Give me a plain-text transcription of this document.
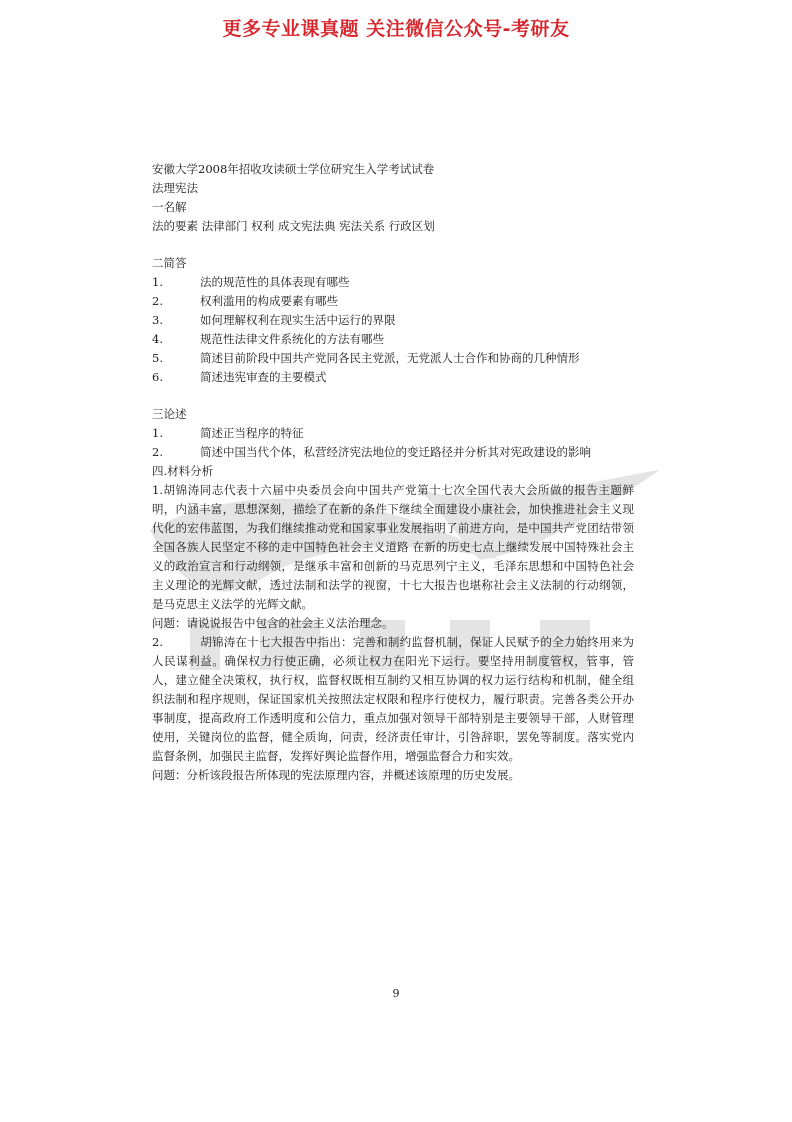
更多专业课真题 关注微信公众号-考研友

安徽大学2008年招收攻读硕士学位研究生入学考试试卷

法理宪法

一名解

法的要素 法律部门 权利 成文宪法典 宪法关系 行政区划

二简答

1.	法的规范性的具体表现有哪些
2.	权利滥用的构成要素有哪些
3.	如何理解权利在现实生活中运行的界限
4.	规范性法律文件系统化的方法有哪些
5.	简述目前阶段中国共产党同各民主党派，无党派人士合作和协商的几种情形
6.	简述违宪审查的主要模式

三论述

1.	简述正当程序的特征
2.	简述中国当代个体，私营经济宪法地位的变迁路径并分析其对宪政建设的影响

四.材料分析

1.胡锦涛同志代表十六届中央委员会向中国共产党第十七次全国代表大会所做的报告主题鲜明，内涵丰富，思想深刻，描绘了在新的条件下继续全面建设小康社会，加快推进社会主义现代化的宏伟蓝图，为我们继续推动党和国家事业发展指明了前进方向，是中国共产党团结带领全国各族人民坚定不移的走中国特色社会主义道路 在新的历史七点上继续发展中国特殊社会主义的政治宣言和行动纲领，是继承丰富和创新的马克思列宁主义，毛泽东思想和中国特色社会主义理论的光辉文献，透过法制和法学的视窗，十七大报告也堪称社会主义法制的行动纲领，是马克思主义法学的光辉文献。

问题：请说说报告中包含的社会主义法治理念。

2.	胡锦涛在十七大报告中指出：完善和制约监督机制，保证人民赋予的全力始终用来为人民谋利益。确保权力行使正确，必须让权力在阳光下运行。要坚持用制度管权，管事，管人，建立健全决策权，执行权，监督权既相互制约又相互协调的权力运行结构和机制，健全组织法制和程序规则，保证国家机关按照法定权限和程序行使权力，履行职责。完善各类公开办事制度，提高政府工作透明度和公信力，重点加强对领导干部特别是主要领导干部，人财管理使用，关键岗位的监督，健全质询，问责，经济责任审计，引咎辞职，罢免等制度。落实党内监督条例，加强民主监督，发挥好舆论监督作用，增强监督合力和实效。

问题：分析该段报告所体现的宪法原理内容，并概述该原理的历史发展。

9
